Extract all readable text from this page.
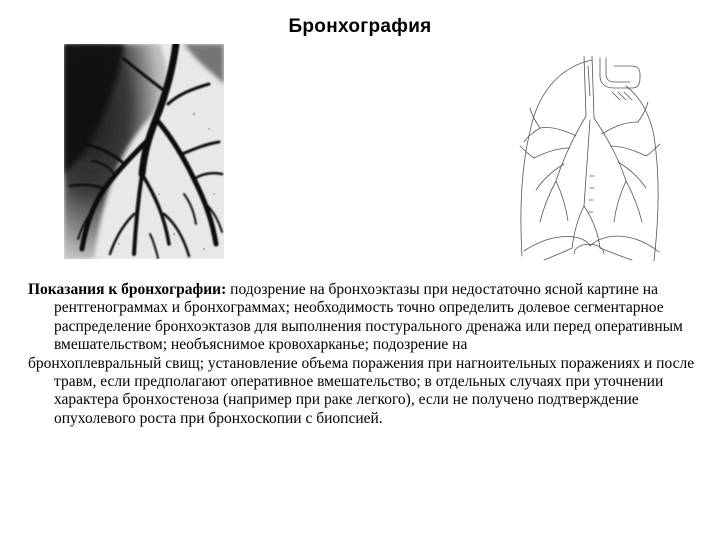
Бронхография

Показания к бронхографии: подозрение на бронхоэктазы при недостаточно ясной картине на рентгенограммах и бронхограммах; необходимость точно определить долевое сегментарное распределение бронхоэктазов для выполнения постурального дренажа или перед оперативным вмешательством; необъяснимое кровохарканье; подозрение на

бронхоплевральный свищ; установление объема поражения при нагноительных поражениях и после травм, если предполагают оперативное вмешательство; в отдельных случаях при уточнении характера бронхостеноза (например при раке легкого), если не получено подтверждение опухолевого роста при бронхоскопии с биопсией.
